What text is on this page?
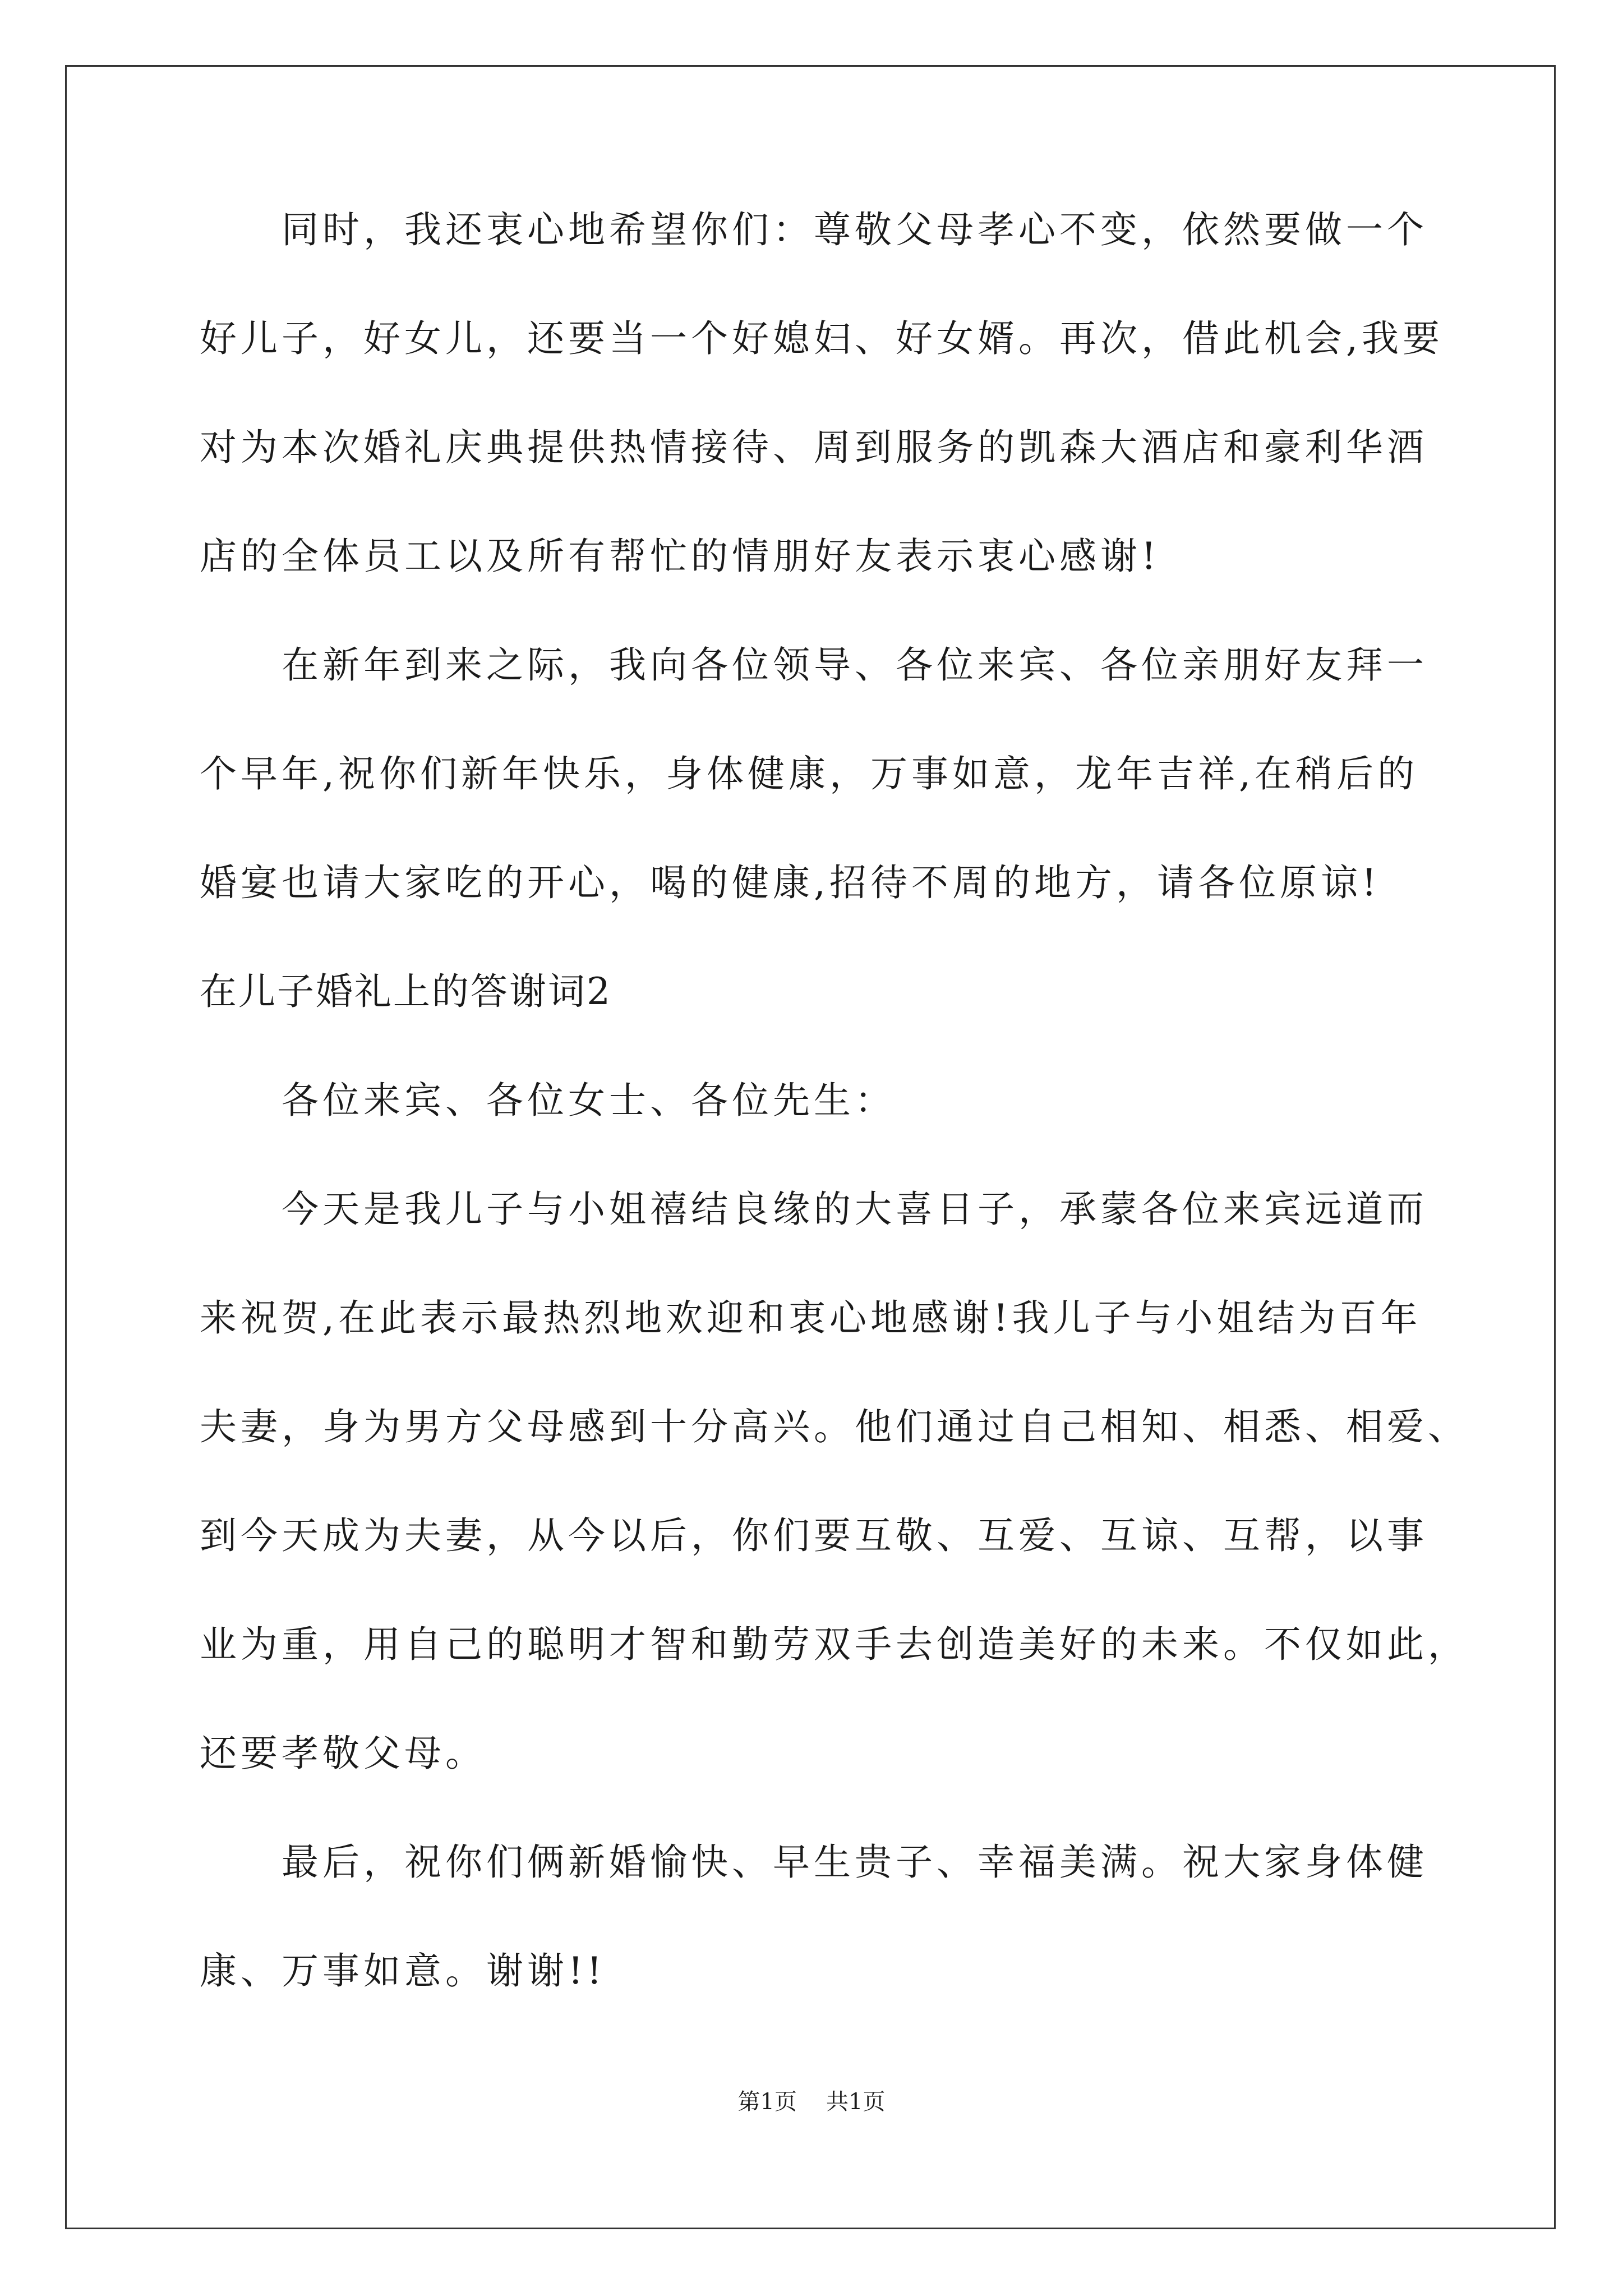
同时，我还衷心地希望你们：尊敬父母孝心不变，依然要做一个
好儿子，好女儿，还要当一个好媳妇、好女婿。再次，借此机会,我要
对为本次婚礼庆典提供热情接待、周到服务的凯森大酒店和豪利华酒
店的全体员工以及所有帮忙的情朋好友表示衷心感谢!
在新年到来之际，我向各位领导、各位来宾、各位亲朋好友拜一
个早年,祝你们新年快乐，身体健康，万事如意，龙年吉祥,在稍后的
婚宴也请大家吃的开心，喝的健康,招待不周的地方，请各位原谅!
在儿子婚礼上的答谢词2
各位来宾、各位女士、各位先生：
今天是我儿子与小姐禧结良缘的大喜日子，承蒙各位来宾远道而
来祝贺,在此表示最热烈地欢迎和衷心地感谢!我儿子与小姐结为百年
夫妻，身为男方父母感到十分高兴。他们通过自己相知、相悉、相爱、
到今天成为夫妻，从今以后，你们要互敬、互爱、互谅、互帮，以事
业为重，用自己的聪明才智和勤劳双手去创造美好的未来。不仅如此，
还要孝敬父母。
最后，祝你们俩新婚愉快、早生贵子、幸福美满。祝大家身体健
康、万事如意。谢谢!!
第1页 共1页
